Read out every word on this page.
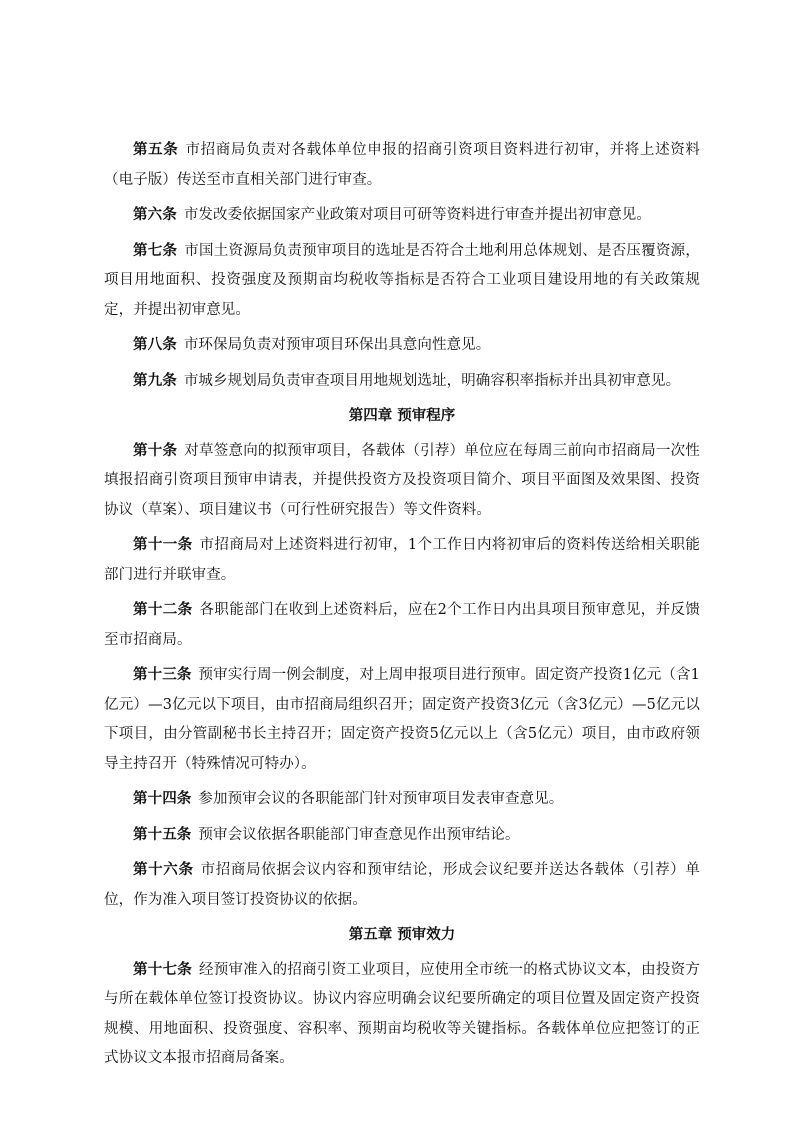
第五条 市招商局负责对各载体单位申报的招商引资项目资料进行初审，并将上述资料（电子版）传送至市直相关部门进行审查。

第六条 市发改委依据国家产业政策对项目可研等资料进行审查并提出初审意见。

第七条 市国土资源局负责预审项目的选址是否符合土地利用总体规划、是否压覆资源，项目用地面积、投资强度及预期亩均税收等指标是否符合工业项目建设用地的有关政策规定，并提出初审意见。

第八条 市环保局负责对预审项目环保出具意向性意见。

第九条 市城乡规划局负责审查项目用地规划选址，明确容积率指标并出具初审意见。

第四章 预审程序

第十条 对草签意向的拟预审项目，各载体（引荐）单位应在每周三前向市招商局一次性填报招商引资项目预审申请表，并提供投资方及投资项目简介、项目平面图及效果图、投资协议（草案）、项目建议书（可行性研究报告）等文件资料。

第十一条 市招商局对上述资料进行初审，1个工作日内将初审后的资料传送给相关职能部门进行并联审查。

第十二条 各职能部门在收到上述资料后，应在2个工作日内出具项目预审意见，并反馈至市招商局。

第十三条 预审实行周一例会制度，对上周申报项目进行预审。固定资产投资1亿元（含1亿元）—3亿元以下项目，由市招商局组织召开；固定资产投资3亿元（含3亿元）—5亿元以下项目，由分管副秘书长主持召开；固定资产投资5亿元以上（含5亿元）项目，由市政府领导主持召开（特殊情况可特办）。

第十四条 参加预审会议的各职能部门针对预审项目发表审查意见。

第十五条 预审会议依据各职能部门审查意见作出预审结论。

第十六条 市招商局依据会议内容和预审结论，形成会议纪要并送达各载体（引荐）单位，作为准入项目签订投资协议的依据。

第五章 预审效力

第十七条 经预审准入的招商引资工业项目，应使用全市统一的格式协议文本，由投资方与所在载体单位签订投资协议。协议内容应明确会议纪要所确定的项目位置及固定资产投资规模、用地面积、投资强度、容积率、预期亩均税收等关键指标。各载体单位应把签订的正式协议文本报市招商局备案。
